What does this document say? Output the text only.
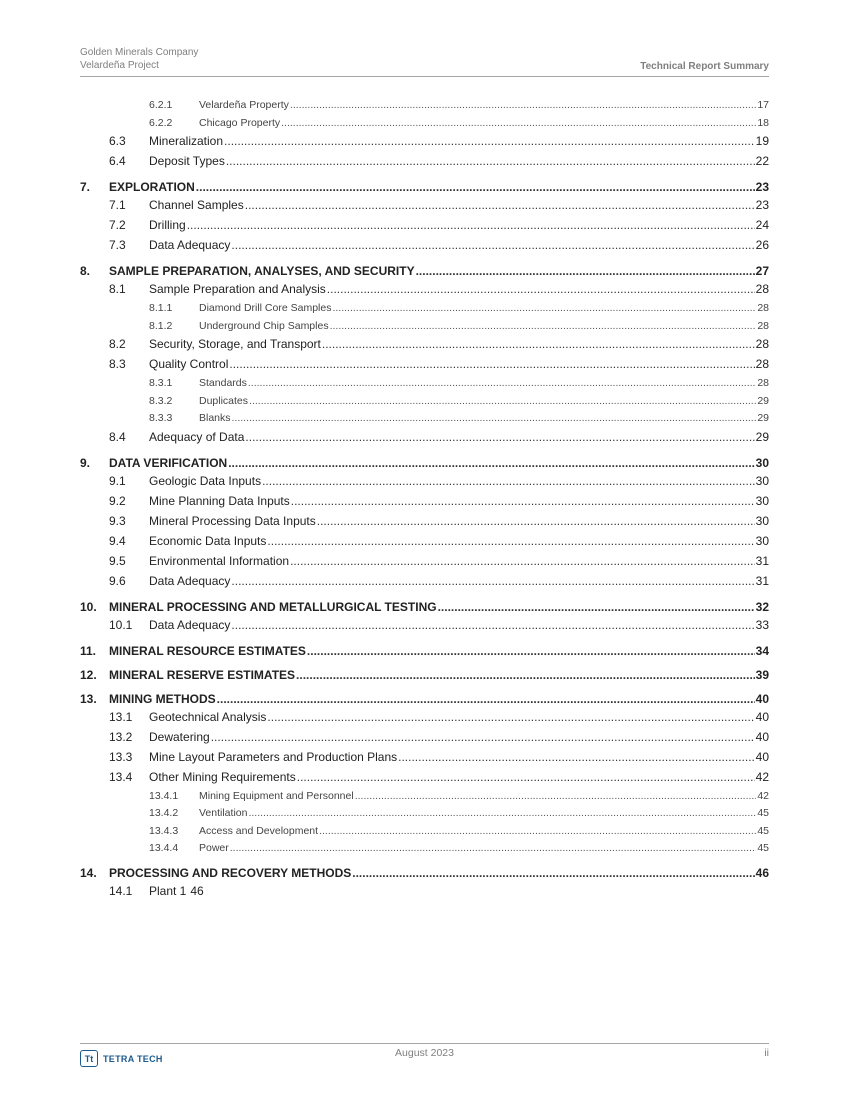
Golden Minerals Company
Velardeña Project	Technical Report Summary
6.2.1	Velardeña Property .....	17
6.2.2	Chicago Property .....	18
6.3	Mineralization .....	19
6.4	Deposit Types .....	22
7.	EXPLORATION .....	23
7.1	Channel Samples .....	23
7.2	Drilling .....	24
7.3	Data Adequacy .....	26
8.	SAMPLE PREPARATION, ANALYSES, AND SECURITY .....	27
8.1	Sample Preparation and Analysis .....	28
8.1.1	Diamond Drill Core Samples .....	28
8.1.2	Underground Chip Samples .....	28
8.2	Security, Storage, and Transport .....	28
8.3	Quality Control .....	28
8.3.1	Standards .....	28
8.3.2	Duplicates .....	29
8.3.3	Blanks .....	29
8.4	Adequacy of Data .....	29
9.	DATA VERIFICATION .....	30
9.1	Geologic Data Inputs .....	30
9.2	Mine Planning Data Inputs .....	30
9.3	Mineral Processing Data Inputs .....	30
9.4	Economic Data Inputs .....	30
9.5	Environmental Information .....	31
9.6	Data Adequacy .....	31
10.	MINERAL PROCESSING AND METALLURGICAL TESTING .....	32
10.1	Data Adequacy .....	33
11.	MINERAL RESOURCE ESTIMATES .....	34
12.	MINERAL RESERVE ESTIMATES .....	39
13.	MINING METHODS .....	40
13.1	Geotechnical Analysis .....	40
13.2	Dewatering .....	40
13.3	Mine Layout Parameters and Production Plans .....	40
13.4	Other Mining Requirements .....	42
13.4.1	Mining Equipment and Personnel .....	42
13.4.2	Ventilation .....	45
13.4.3	Access and Development .....	45
13.4.4	Power .....	45
14.	PROCESSING AND RECOVERY METHODS .....	46
14.1	Plant 1 46
Tt	TETRA TECH	August 2023	ii
